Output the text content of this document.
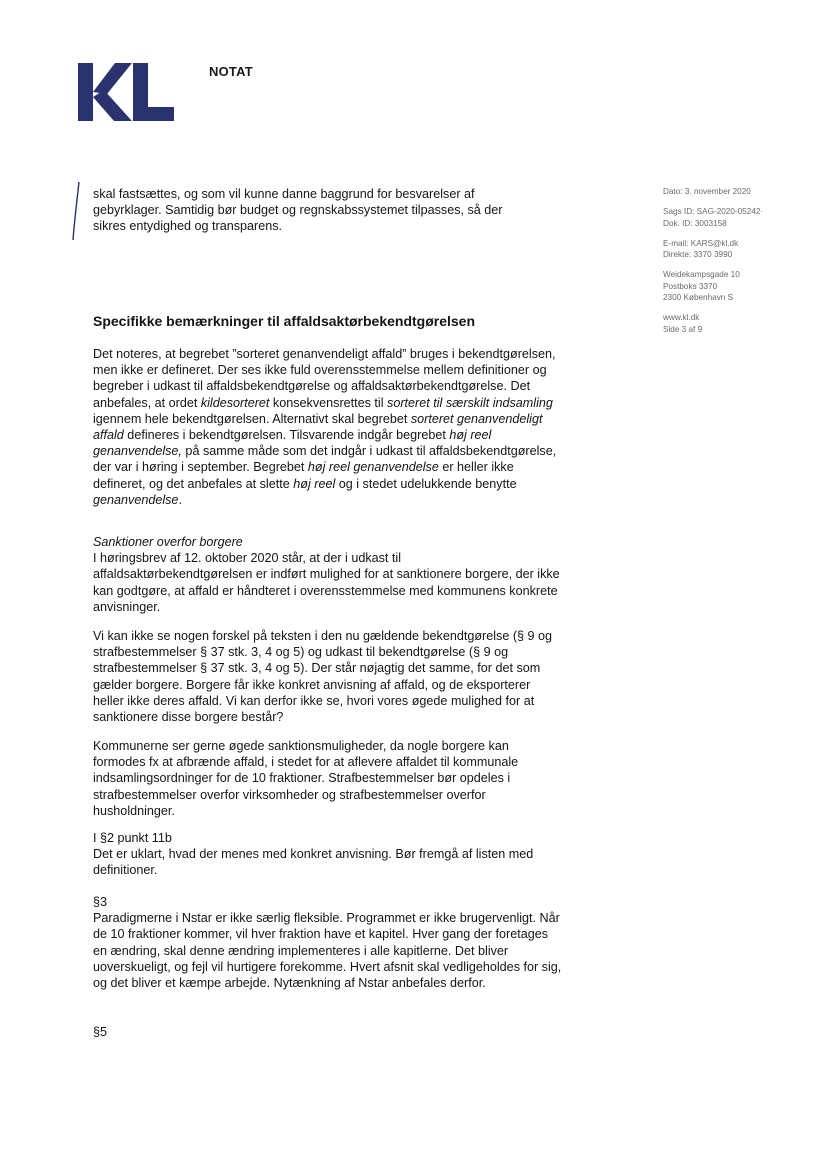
NOTAT
Dato: 3. november 2020
Sags ID: SAG-2020-05242·
Dok. ID: 3003158
E-mail: KARS@kl.dk
Direkte: 3370 3990
Weidekampsgade 10
Postboks 3370
2300 København S
www.kl.dk
Side 3 af 9

skal fastsættes, og som vil kunne danne baggrund for besvarelser af
gebyrklager. Samtidig bør budget og regnskabssystemet tilpasses, så der
sikres entydighed og transparens.

Specifikke bemærkninger til affaldsaktørbekendtgørelsen

Det noteres, at begrebet ”sorteret genanvendeligt affald” bruges i bekendtgørelsen, men ikke er defineret. Der ses ikke fuld overensstemmelse mellem definitioner og begreber i udkast til affaldsbekendtgørelse og affaldsaktørbekendtgørelse. Det anbefales, at ordet kildesorteret konsekvensrettes til sorteret til særskilt indsamling igennem hele bekendtgørelsen. Alternativt skal begrebet sorteret genanvendeligt affald defineres i bekendtgørelsen. Tilsvarende indgår begrebet høj reel genanvendelse, på samme måde som det indgår i udkast til affaldsbekendtgørelse, der var i høring i september. Begrebet høj reel genanvendelse er heller ikke defineret, og det anbefales at slette høj reel og i stedet udelukkende benytte genanvendelse.

Sanktioner overfor borgere
I høringsbrev af 12. oktober 2020 står, at der i udkast til affaldsaktørbekendtgørelsen er indført mulighed for at sanktionere borgere, der ikke kan godtgøre, at affald er håndteret i overensstemmelse med kommunens konkrete anvisninger.

Vi kan ikke se nogen forskel på teksten i den nu gældende bekendtgørelse (§ 9 og strafbestemmelser § 37 stk. 3, 4 og 5) og udkast til bekendtgørelse (§ 9 og strafbestemmelser § 37 stk. 3, 4 og 5). Der står nøjagtig det samme, for det som gælder borgere. Borgere får ikke konkret anvisning af affald, og de eksporterer heller ikke deres affald. Vi kan derfor ikke se, hvori vores øgede mulighed for at sanktionere disse borgere består?

Kommunerne ser gerne øgede sanktionsmuligheder, da nogle borgere kan formodes fx at afbrænde affald, i stedet for at aflevere affaldet til kommunale indsamlingsordninger for de 10 fraktioner. Strafbestemmelser bør opdeles i strafbestemmelser overfor virksomheder og strafbestemmelser overfor husholdninger.

I §2 punkt 11b
Det er uklart, hvad der menes med konkret anvisning. Bør fremgå af listen med definitioner.

§3
Paradigmerne i Nstar er ikke særlig fleksible. Programmet er ikke brugervenligt. Når de 10 fraktioner kommer, vil hver fraktion have et kapitel. Hver gang der foretages en ændring, skal denne ændring implementeres i alle kapitlerne. Det bliver uoverskueligt, og fejl vil hurtigere forekomme. Hvert afsnit skal vedligeholdes for sig, og det bliver et kæmpe arbejde. Nytænkning af Nstar anbefales derfor.

§5
